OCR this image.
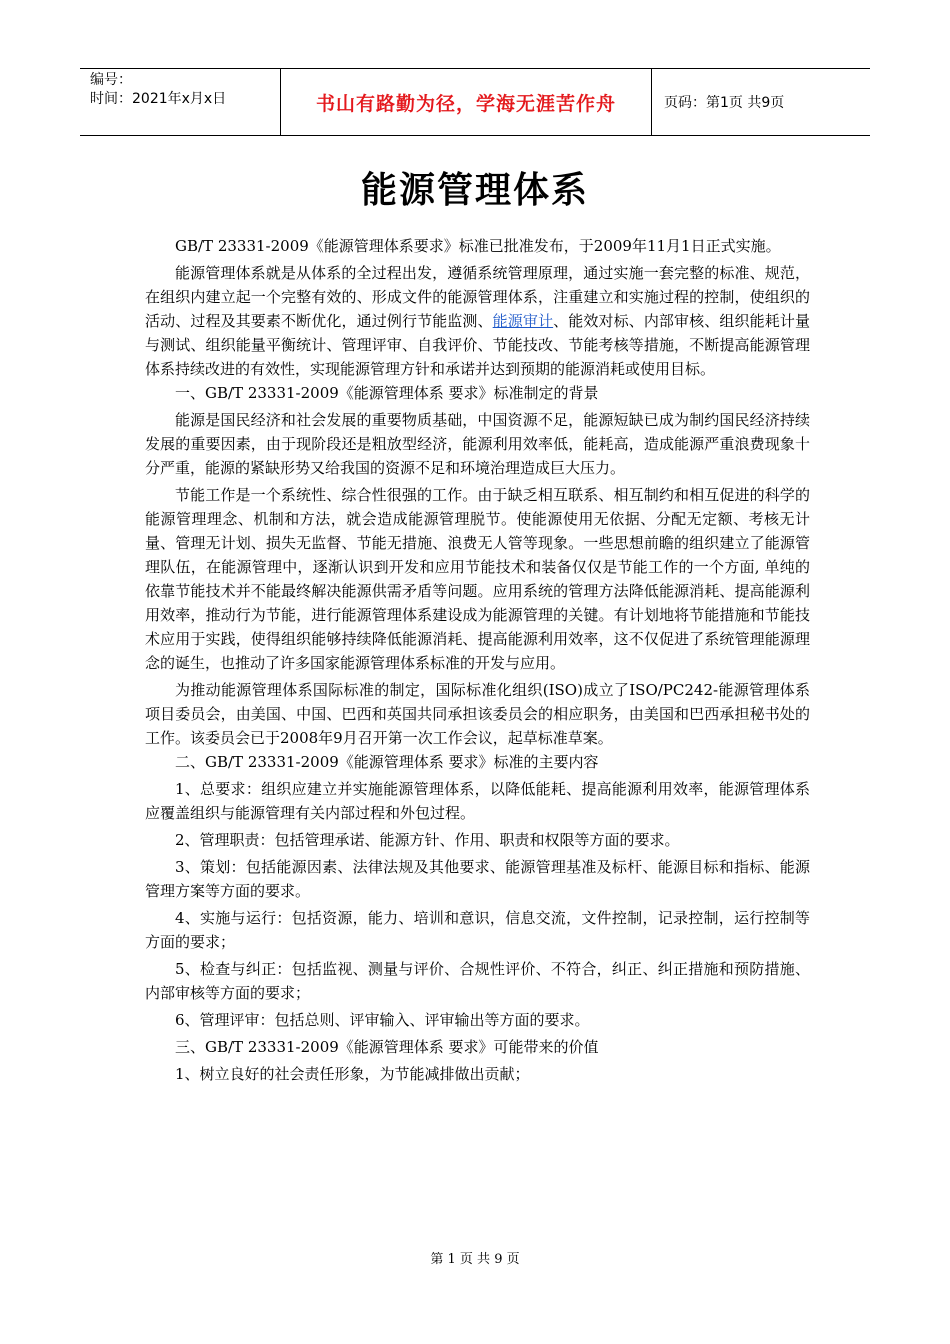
编号：
时间：2021年x月x日	书山有路勤为径，学海无涯苦作舟	页码：第1页 共9页
能源管理体系

GB/T 23331-2009《能源管理体系要求》标准已批准发布，于2009年11月1日正式实施。

能源管理体系就是从体系的全过程出发，遵循系统管理原理，通过实施一套完整的标准、规范，在组织内建立起一个完整有效的、形成文件的能源管理体系，注重建立和实施过程的控制，使组织的活动、过程及其要素不断优化，通过例行节能监测、能源审计、能效对标、内部审核、组织能耗计量与测试、组织能量平衡统计、管理评审、自我评价、节能技改、节能考核等措施，不断提高能源管理体系持续改进的有效性，实现能源管理方针和承诺并达到预期的能源消耗或使用目标。

一、GB/T 23331-2009《能源管理体系 要求》标准制定的背景

能源是国民经济和社会发展的重要物质基础，中国资源不足，能源短缺已成为制约国民经济持续发展的重要因素，由于现阶段还是粗放型经济，能源利用效率低，能耗高，造成能源严重浪费现象十分严重，能源的紧缺形势又给我国的资源不足和环境治理造成巨大压力。

节能工作是一个系统性、综合性很强的工作。由于缺乏相互联系、相互制约和相互促进的科学的能源管理理念、机制和方法，就会造成能源管理脱节。使能源使用无依据、分配无定额、考核无计量、管理无计划、损失无监督、节能无措施、浪费无人管等现象。一些思想前瞻的组织建立了能源管理队伍，在能源管理中，逐渐认识到开发和应用节能技术和装备仅仅是节能工作的一个方面, 单纯的依靠节能技术并不能最终解决能源供需矛盾等问题。应用系统的管理方法降低能源消耗、提高能源利用效率，推动行为节能，进行能源管理体系建设成为能源管理的关键。有计划地将节能措施和节能技术应用于实践，使得组织能够持续降低能源消耗、提高能源利用效率，这不仅促进了系统管理能源理念的诞生，也推动了许多国家能源管理体系标准的开发与应用。

为推动能源管理体系国际标准的制定，国际标准化组织(ISO)成立了ISO/PC242-能源管理体系项目委员会，由美国、中国、巴西和英国共同承担该委员会的相应职务，由美国和巴西承担秘书处的工作。该委员会已于2008年9月召开第一次工作会议，起草标准草案。

二、GB/T 23331-2009《能源管理体系 要求》标准的主要内容

1、总要求：组织应建立并实施能源管理体系，以降低能耗、提高能源利用效率，能源管理体系应覆盖组织与能源管理有关内部过程和外包过程。

2、管理职责：包括管理承诺、能源方针、作用、职责和权限等方面的要求。

3、策划：包括能源因素、法律法规及其他要求、能源管理基准及标杆、能源目标和指标、能源管理方案等方面的要求。

4、实施与运行：包括资源，能力、培训和意识，信息交流，文件控制，记录控制，运行控制等方面的要求；

5、检查与纠正：包括监视、测量与评价、合规性评价、不符合，纠正、纠正措施和预防措施、内部审核等方面的要求；

6、管理评审：包括总则、评审输入、评审输出等方面的要求。

三、GB/T 23331-2009《能源管理体系 要求》可能带来的价值

1、树立良好的社会责任形象，为节能减排做出贡献；

第 1 页 共 9 页
